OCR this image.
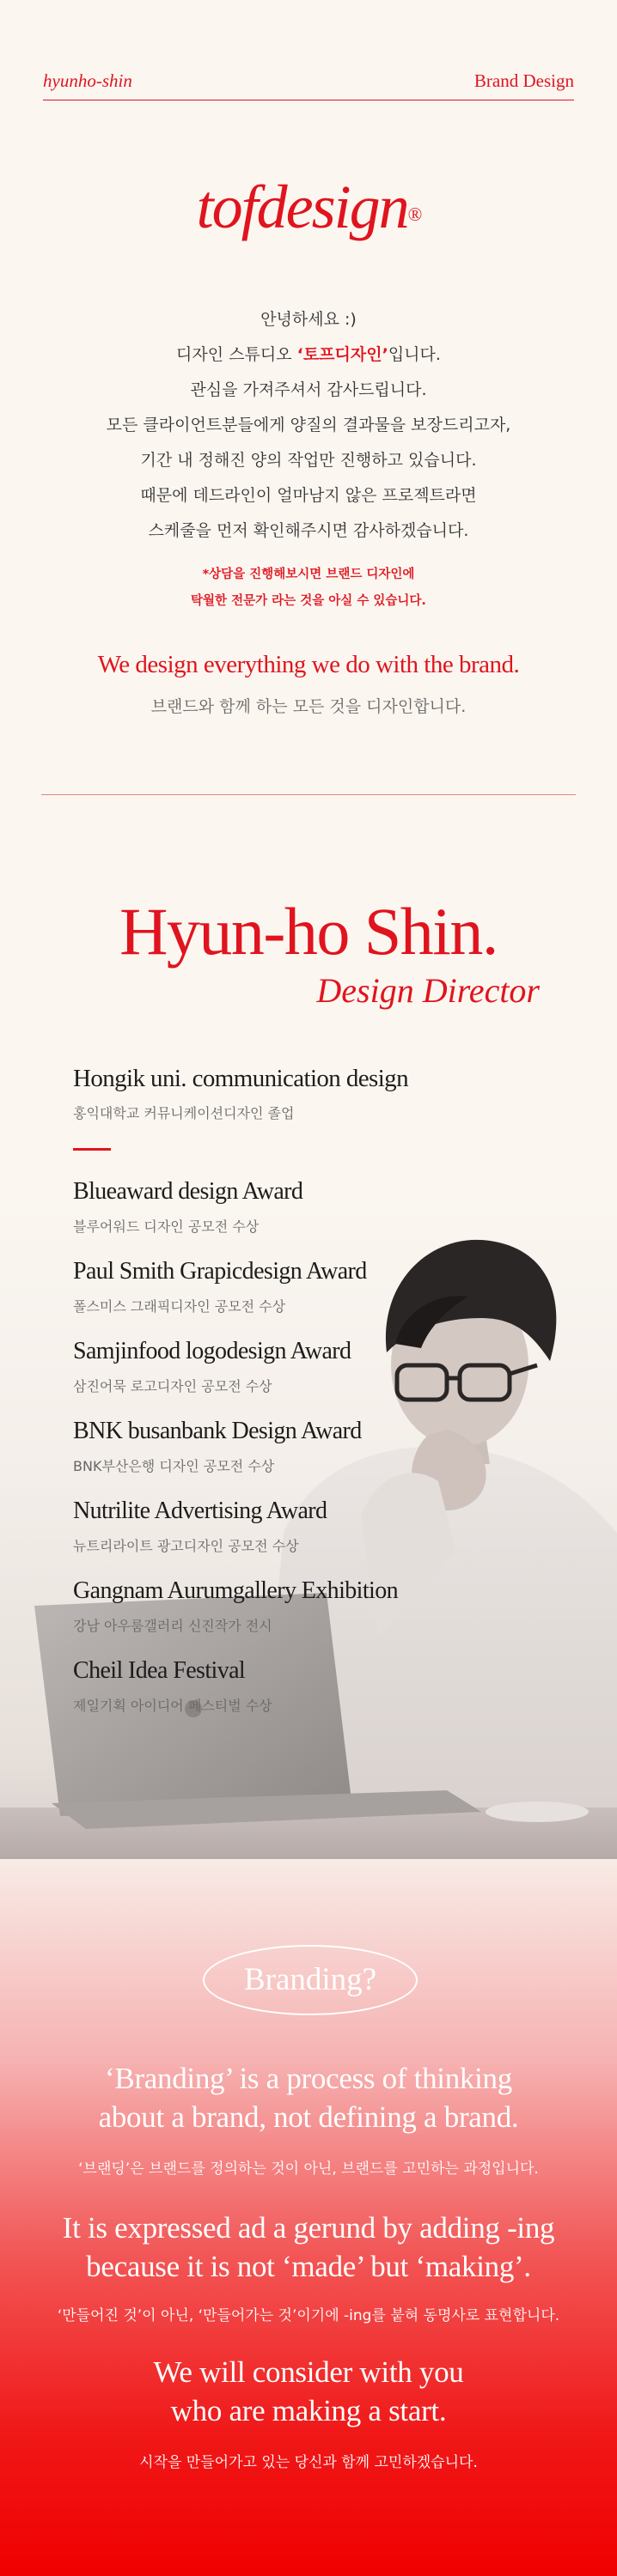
hyunho-shin	Brand Design
tofdesign®
안녕하세요 :)
디자인 스튜디오 ‘토프디자인’입니다.
관심을 가져주셔서 감사드립니다.
모든 클라이언트분들에게 양질의 결과물을 보장드리고자,
기간 내 정해진 양의 작업만 진행하고 있습니다.
때문에 데드라인이 얼마남지 않은 프로젝트라면
스케줄을 먼저 확인해주시면 감사하겠습니다.
*상담을 진행해보시면 브랜드 디자인에
탁월한 전문가 라는 것을 아실 수 있습니다.
We design everything we do with the brand.
브랜드와 함께 하는 모든 것을 디자인합니다.
Hyun-ho Shin.
Design Director
Hongik uni. communication design
홍익대학교 커뮤니케이션디자인 졸업
Blueaward design Award
블루어워드 디자인 공모전 수상
Paul Smith Grapicdesign Award
폴스미스 그래픽디자인 공모전 수상
Samjinfood logodesign Award
삼진어묵 로고디자인 공모전 수상
BNK busanbank Design Award
BNK부산은행 디자인 공모전 수상
Nutrilite Advertising Award
뉴트리라이트 광고디자인 공모전 수상
Gangnam Aurumgallery Exhibition
강남 아우룸갤러리 신진작가 전시
Cheil Idea Festival
제일기획 아이디어 페스티벌 수상
Branding?
‘Branding’ is a process of thinking
about a brand, not defining a brand.
‘브랜딩’은 브랜드를 정의하는 것이 아닌, 브랜드를 고민하는 과정입니다.
It is expressed ad a gerund by adding -ing
because it is not ‘made’ but ‘making’.
‘만들어진 것’이 아닌, ‘만들어가는 것’이기에 -ing를 붙혀 동명사로 표현합니다.
We will consider with you
who are making a start.
시작을 만들어가고 있는 당신과 함께 고민하겠습니다.
